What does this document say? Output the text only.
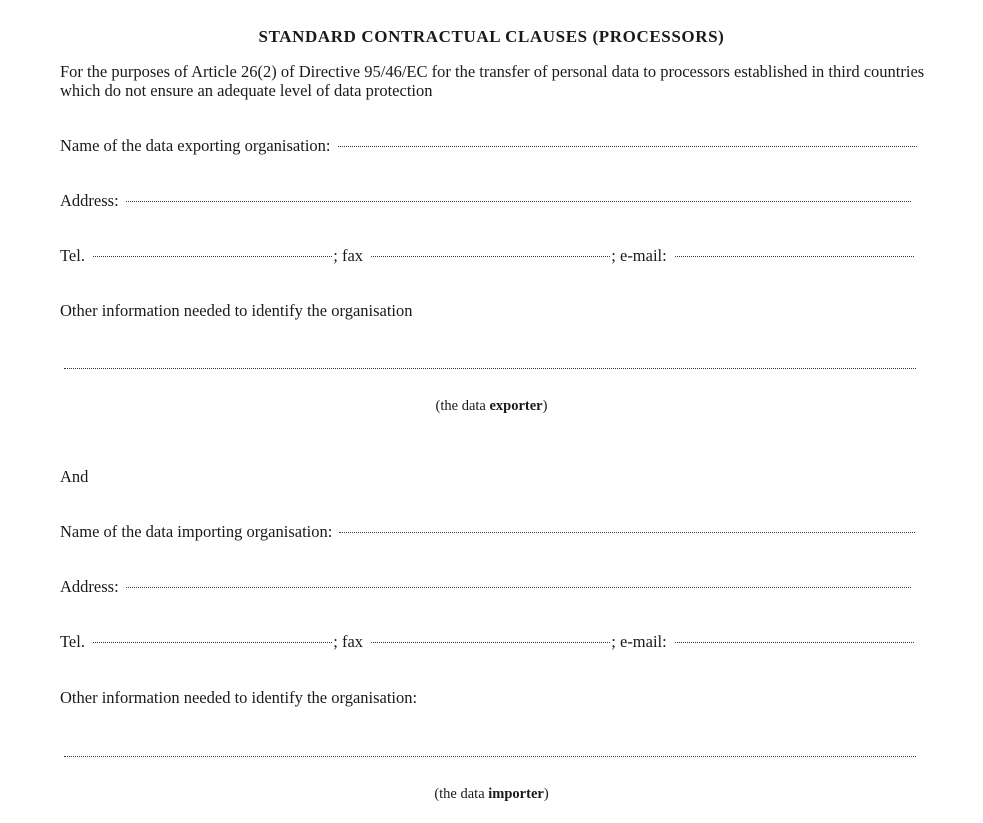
STANDARD CONTRACTUAL CLAUSES (PROCESSORS)
For the purposes of Article 26(2) of Directive 95/46/EC for the transfer of personal data to processors established in third countries which do not ensure an adequate level of data protection
Name of the data exporting organisation:
Address:
Tel.	; fax	; e-mail:
Other information needed to identify the organisation
(the data exporter)
And
Name of the data importing organisation:
Address:
Tel.	; fax	; e-mail:
Other information needed to identify the organisation:
(the data importer)
